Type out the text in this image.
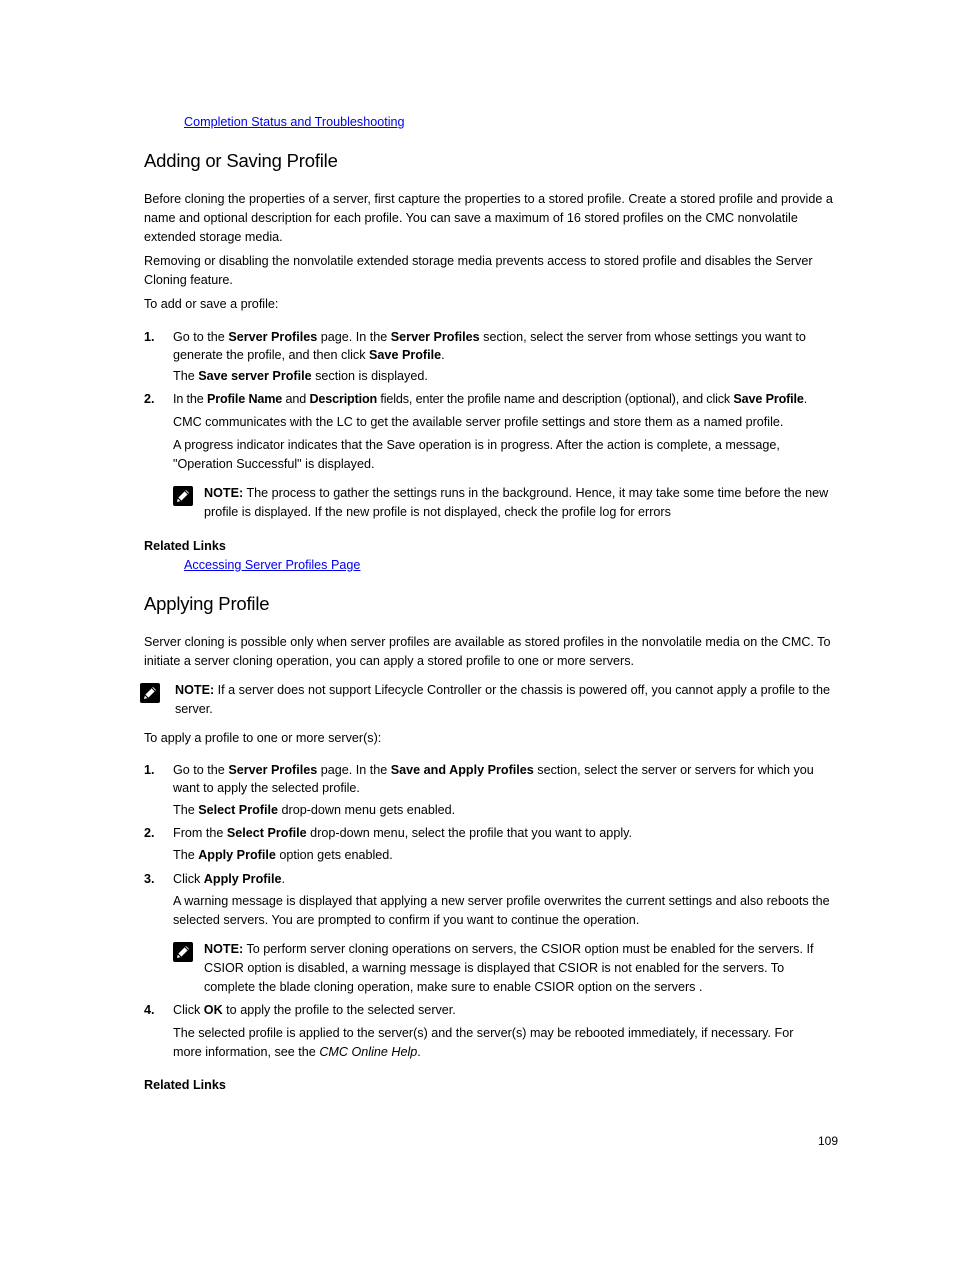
Completion Status and Troubleshooting
Adding or Saving Profile

Before cloning the properties of a server, first capture the properties to a stored profile. Create a stored profile and provide a name and optional description for each profile. You can save a maximum of 16 stored profiles on the CMC nonvolatile extended storage media.

Removing or disabling the nonvolatile extended storage media prevents access to stored profile and disables the Server Cloning feature.

To add or save a profile:

1. Go to the Server Profiles page. In the Server Profiles section, select the server from whose settings you want to generate the profile, and then click Save Profile.

The Save server Profile section is displayed.

2. In the Profile Name and Description fields, enter the profile name and description (optional), and click Save Profile.

CMC communicates with the LC to get the available server profile settings and store them as a named profile.

A progress indicator indicates that the Save operation is in progress. After the action is complete, a message, "Operation Successful" is displayed.

NOTE: The process to gather the settings runs in the background. Hence, it may take some time before the new profile is displayed. If the new profile is not displayed, check the profile log for errors

Related Links
Accessing Server Profiles Page
Applying Profile

Server cloning is possible only when server profiles are available as stored profiles in the nonvolatile media on the CMC. To initiate a server cloning operation, you can apply a stored profile to one or more servers.

NOTE: If a server does not support Lifecycle Controller or the chassis is powered off, you cannot apply a profile to the server.

To apply a profile to one or more server(s):

1. Go to the Server Profiles page. In the Save and Apply Profiles section, select the server or servers for which you want to apply the selected profile.

The Select Profile drop-down menu gets enabled.

2. From the Select Profile drop-down menu, select the profile that you want to apply.

The Apply Profile option gets enabled.

3. Click Apply Profile.

A warning message is displayed that applying a new server profile overwrites the current settings and also reboots the selected servers. You are prompted to confirm if you want to continue the operation.

NOTE: To perform server cloning operations on servers, the CSIOR option must be enabled for the servers. If CSIOR option is disabled, a warning message is displayed that CSIOR is not enabled for the servers. To complete the blade cloning operation, make sure to enable CSIOR option on the servers .

4. Click OK to apply the profile to the selected server.

The selected profile is applied to the server(s) and the server(s) may be rebooted immediately, if necessary. For more information, see the CMC Online Help.

Related Links
109
